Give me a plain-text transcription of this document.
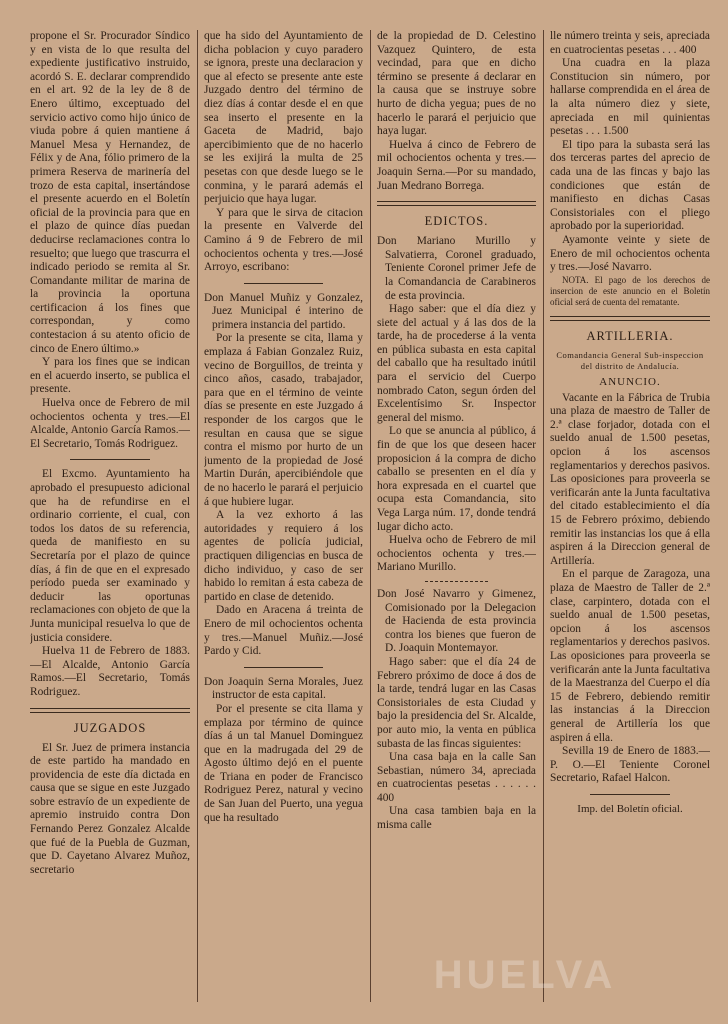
propone el Sr. Procurador Síndico y en vista de lo que resulta del expediente justificativo instruido, acordó S. E. declarar comprendido en el art. 92 de la ley de 8 de Enero último, exceptuado del servicio activo como hijo único de viuda pobre á quien mantiene á Manuel Mesa y Hernandez, de Félix y de Ana, fólio primero de la primera Reserva de marinería del trozo de esta capital, insertándose el presente acuerdo en el Boletín oficial de la provincia para que en el plazo de quince días puedan deducirse reclamaciones contra lo resuelto; que luego que trascurra el indicado periodo se remita al Sr. Comandante militar de marina de la provincia la oportuna certificacion á los fines que correspondan, y como contestacion á su atento oficio de cinco de Enero último.»

Y para los fines que se indican en el acuerdo inserto, se publica el presente.

Huelva once de Febrero de mil ochocientos ochenta y tres.—El Alcalde, Antonio García Ramos.—El Secretario, Tomás Rodriguez.

El Excmo. Ayuntamiento ha aprobado el presupuesto adicional que ha de refundirse en el ordinario corriente, el cual, con todos los datos de su referencia, queda de manifiesto en su Secretaría por el plazo de quince días, á fin de que en el expresado período pueda ser examinado y deducir las oportunas reclamaciones con objeto de que la Junta municipal resuelva lo que de justicia considere.

Huelva 11 de Febrero de 1883.—El Alcalde, Antonio García Ramos.—El Secretario, Tomás Rodriguez.

JUZGADOS

El Sr. Juez de primera instancia de este partido ha mandado en providencia de este día dictada en causa que se sigue en este Juzgado sobre estravío de un expediente de apremio instruido contra Don Fernando Perez Gonzalez Alcalde que fué de la Puebla de Guzman, que D. Cayetano Alvarez Muñoz, secretario

que ha sido del Ayuntamiento de dicha poblacion y cuyo paradero se ignora, preste una declaracion y que al efecto se presente ante este Juzgado dentro del término de diez días á contar desde el en que sea inserto el presente en la Gaceta de Madrid, bajo apercibimiento que de no hacerlo se les exijirá la multa de 25 pesetas con que desde luego se le conmina, y le parará además el perjuicio que haya lugar.

Y para que le sirva de citacion la presente en Valverde del Camino á 9 de Febrero de mil ochocientos ochenta y tres.—José Arroyo, escribano:

Don Manuel Muñiz y Gonzalez, Juez Municipal é interino de primera instancia del partido.

Por la presente se cita, llama y emplaza á Fabian Gonzalez Ruiz, vecino de Borguillos, de treinta y cinco años, casado, trabajador, para que en el término de veinte días se presente en este Juzgado á responder de los cargos que le resultan en causa que se sigue contra el mismo por hurto de un jumento de la propiedad de José Martin Durán, apercibiéndole que de no hacerlo le parará el perjuicio á que hubiere lugar.

A la vez exhorto á las autoridades y requiero á los agentes de policía judicial, practiquen diligencias en busca de dicho individuo, y caso de ser habido lo remitan á esta cabeza de partido en clase de detenido.

Dado en Aracena á treinta de Enero de mil ochocientos ochenta y tres.—Manuel Muñiz.—José Pardo y Cid.

Don Joaquin Serna Morales, Juez instructor de esta capital.

Por el presente se cita llama y emplaza por término de quince días á un tal Manuel Dominguez que en la madrugada del 29 de Agosto último dejó en el puente de Triana en poder de Francisco Rodriguez Perez, natural y vecino de San Juan del Puerto, una yegua que ha resultado

de la propiedad de D. Celestino Vazquez Quintero, de esta vecindad, para que en dicho término se presente á declarar en la causa que se instruye sobre hurto de dicha yegua; pues de no hacerlo le parará el perjuicio que haya lugar.

Huelva á cinco de Febrero de mil ochocientos ochenta y tres.—Joaquin Serna.—Por su mandado, Juan Medrano Borrega.

EDICTOS.

Don Mariano Murillo y Salvatierra, Coronel graduado, Teniente Coronel primer Jefe de la Comandancia de Carabineros de esta provincia.

Hago saber: que el día diez y siete del actual y á las dos de la tarde, ha de procederse á la venta en pública subasta en esta capital del caballo que ha resultado inútil para el servicio del Cuerpo nombrado Caton, segun órden del Excelentísimo Sr. Inspector general del mismo.

Lo que se anuncia al público, á fin de que los que deseen hacer proposicion á la compra de dicho caballo se presenten en el día y hora expresada en el cuartel que ocupa esta Comandancia, sito Vega Larga núm. 17, donde tendrá lugar dicho acto.

Huelva ocho de Febrero de mil ochocientos ochenta y tres.—Mariano Murillo.

Don José Navarro y Gimenez, Comisionado por la Delegacion de Hacienda de esta provincia contra los bienes que fueron de D. Joaquin Montemayor.

Hago saber: que el día 24 de Febrero próximo de doce á dos de la tarde, tendrá lugar en las Casas Consistoriales de esta Ciudad y bajo la presidencia del Sr. Alcalde, por auto mio, la venta en pública subasta de las fincas siguientes:

Una casa baja en la calle San Sebastian, número 34, apreciada en cuatrocientas pesetas . . . . . . 400

Una casa tambien baja en la misma calle

lle número treinta y seis, apreciada en cuatrocientas pesetas . . . 400

Una cuadra en la plaza Constitucion sin número, por hallarse comprendida en el área de la alta número diez y siete, apreciada en mil quinientas pesetas . . . 1.500

El tipo para la subasta será las dos terceras partes del aprecio de cada una de las fincas y bajo las condiciones que están de manifiesto en dichas Casas Consistoriales con el pliego aprobado por la superioridad.

Ayamonte veinte y siete de Enero de mil ochocientos ochenta y tres.—José Navarro.

NOTA. El pago de los derechos de insercion de este anuncio en el Boletín oficial será de cuenta del rematante.

ARTILLERIA.
Comandancia General Sub-inspeccion del distrito de Andalucía.
ANUNCIO.

Vacante en la Fábrica de Trubia una plaza de maestro de Taller de 2.ª clase forjador, dotada con el sueldo anual de 1.500 pesetas, opcion á los ascensos reglamentarios y derechos pasivos. Las oposiciones para proveerla se verificarán ante la Junta facultativa del citado establecimiento el día 15 de Febrero próximo, debiendo remitir las instancias los que á ella aspiren á la Direccion general de Artillería.

En el parque de Zaragoza, una plaza de Maestro de Taller de 2.ª clase, carpintero, dotada con el sueldo anual de 1.500 pesetas, opcion á los ascensos reglamentarios y derechos pasivos. Las oposiciones para proveerla se verificarán ante la Junta facultativa de la Maestranza del Cuerpo el día 15 de Febrero, debiendo remitir las instancias á la Direccion general de Artillería los que aspiren á ella.

Sevilla 19 de Enero de 1883.—P. O.—El Teniente Coronel Secretario, Rafael Halcon.

Imp. del Boletín oficial.
HUELVA
